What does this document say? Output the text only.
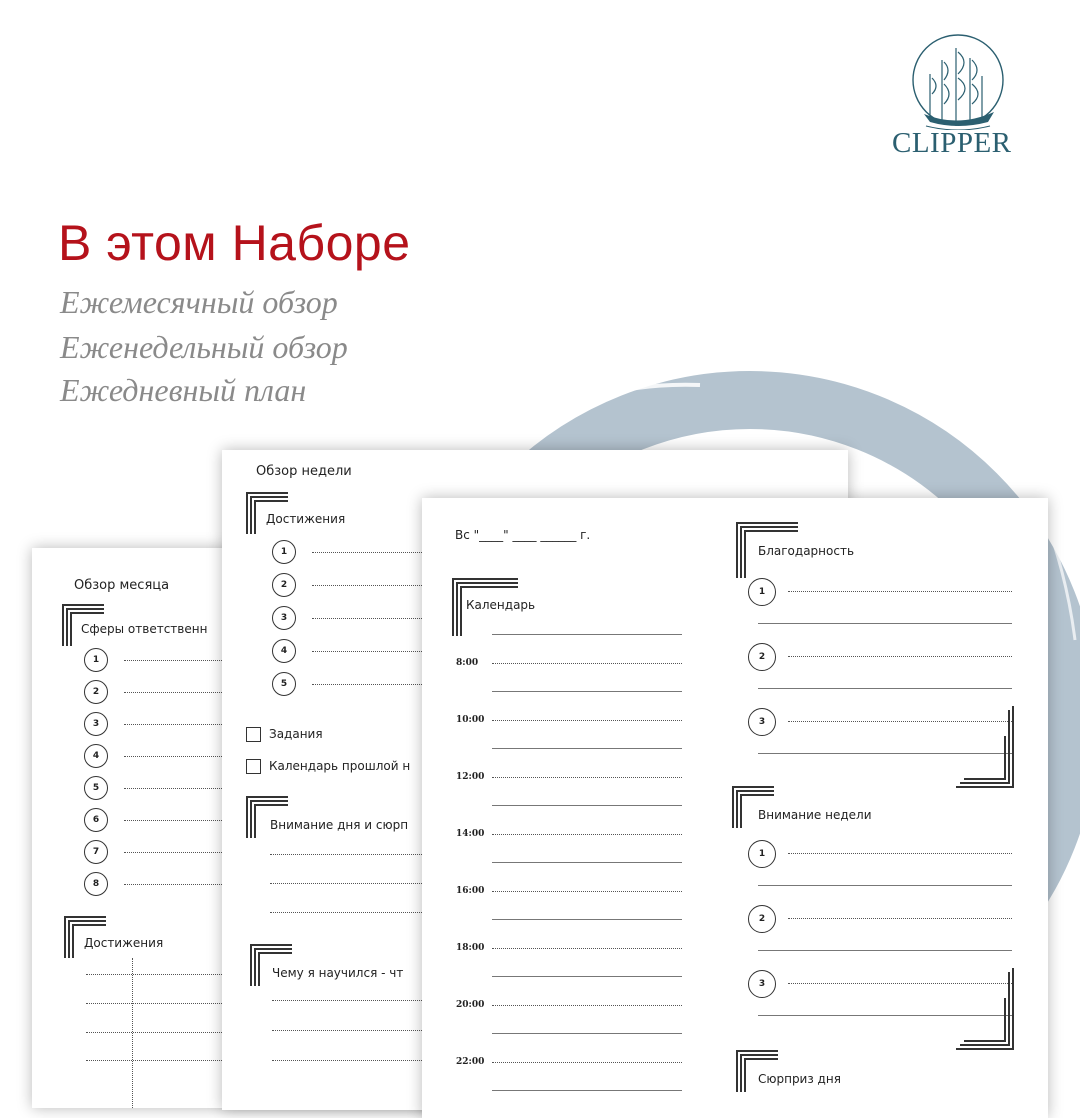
CLIPPER
В этом Наборе
Ежемесячный обзор
Еженедельный обзор
Ежедневный план
Обзор месяца
Сферы ответственн
1
2
3
4
5
6
7
8
Достижения
Обзор недели
Достижения
1
2
3
4
5
Задания
Календарь прошлой н
Внимание дня и сюрп
Чему я научился - чт
Вс "____" ____ ______ г.
Календарь
8:00
10:00
12:00
14:00
16:00
18:00
20:00
22:00
Благодарность
1
2
3
Внимание недели
1
2
3
Сюрприз дня
